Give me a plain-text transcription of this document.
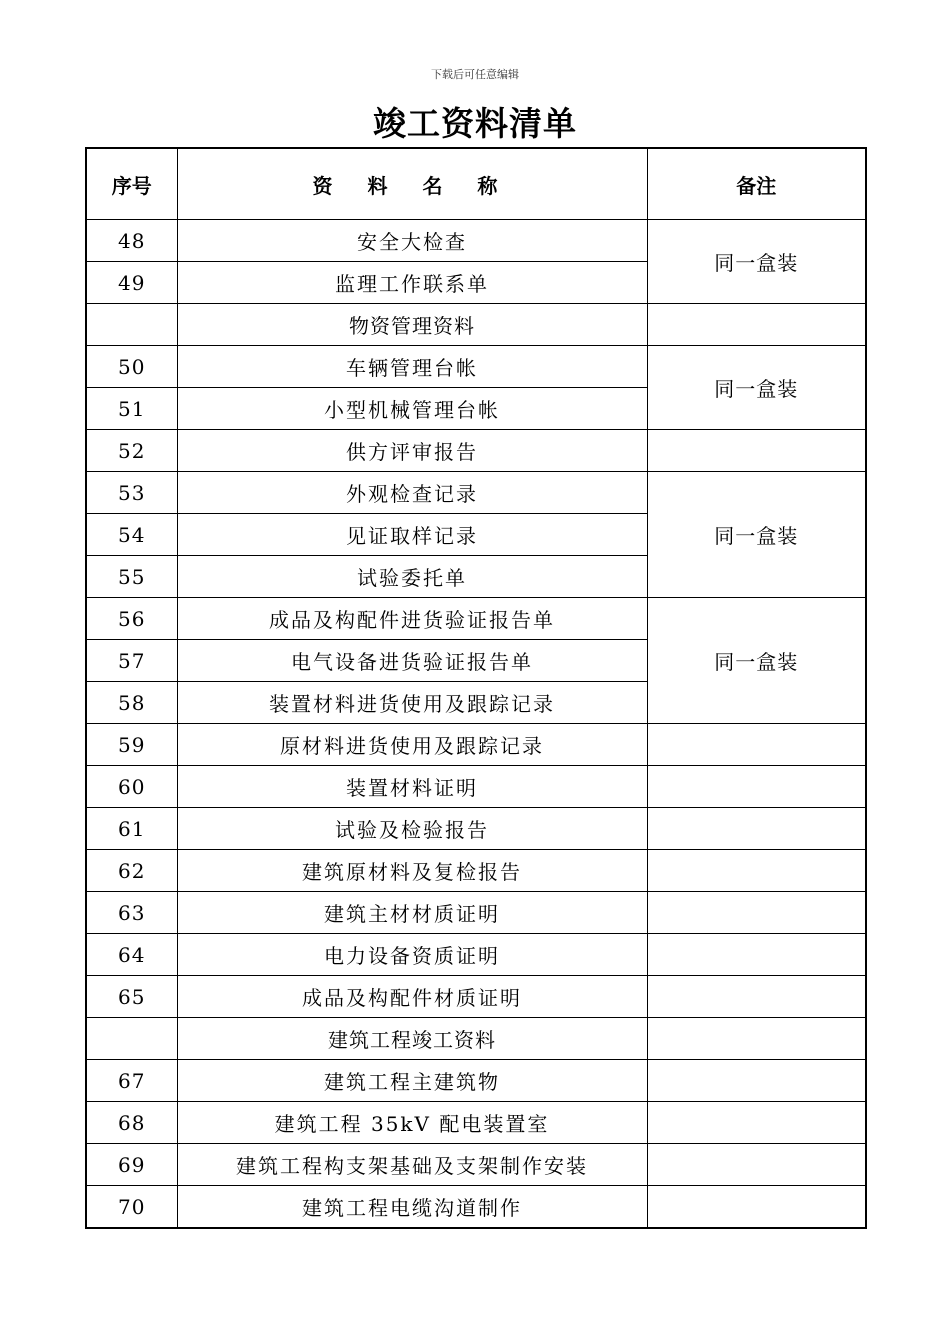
下载后可任意编辑
竣工资料清单
序号	资 料 名 称	备注
48	安全大检查	同一盒装
49	监理工作联系单	
	物资管理资料	
50	车辆管理台帐	同一盒装
51	小型机械管理台帐	
52	供方评审报告	
53	外观检查记录	同一盒装
54	见证取样记录	
55	试验委托单	
56	成品及构配件进货验证报告单	同一盒装
57	电气设备进货验证报告单	
58	装置材料进货使用及跟踪记录	
59	原材料进货使用及跟踪记录	
60	装置材料证明	
61	试验及检验报告	
62	建筑原材料及复检报告	
63	建筑主材材质证明	
64	电力设备资质证明	
65	成品及构配件材质证明	
	建筑工程竣工资料	
67	建筑工程主建筑物	
68	建筑工程 35kV 配电装置室	
69	建筑工程构支架基础及支架制作安装	
70	建筑工程电缆沟道制作	
